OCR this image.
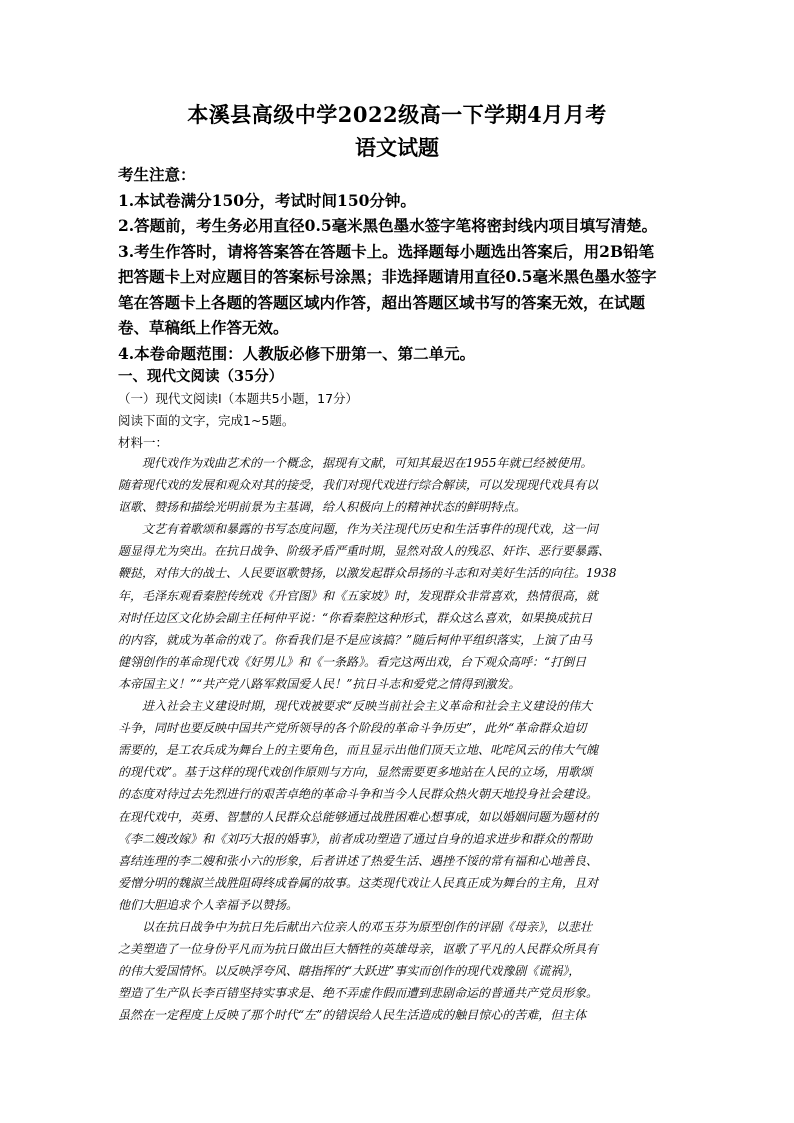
本溪县高级中学2022级高一下学期4月月考
语文试题

考生注意：

1.本试卷满分150分，考试时间150分钟。

2.答题前，考生务必用直径0.5毫米黑色墨水签字笔将密封线内项目填写清楚。

3.考生作答时，请将答案答在答题卡上。选择题每小题选出答案后，用2B铅笔

把答题卡上对应题目的答案标号涂黑；非选择题请用直径0.5毫米黑色墨水签字

笔在答题卡上各题的答题区域内作答，超出答题区域书写的答案无效，在试题

卷、草稿纸上作答无效。

4.本卷命题范围：人教版必修下册第一、第二单元。

一、现代文阅读（35分）
（一）现代文阅读Ⅰ（本题共5小题，17分）
阅读下面的文字，完成1~5题。
材料一：

　　现代戏作为戏曲艺术的一个概念，据现有文献，可知其最迟在1955年就已经被使用。

随着现代戏的发展和观众对其的接受，我们对现代戏进行综合解读，可以发现现代戏具有以

讴歌、赞扬和描绘光明前景为主基调，给人积极向上的精神状态的鲜明特点。

　　文艺有着歌颂和暴露的书写态度问题，作为关注现代历史和生活事件的现代戏，这一问

题显得尤为突出。在抗日战争、阶级矛盾严重时期，显然对敌人的残忍、奸诈、恶行要暴露、

鞭挞，对伟大的战士、人民要讴歌赞扬，以激发起群众昂扬的斗志和对美好生活的向往。1938

年，毛泽东观看秦腔传统戏《升官图》和《五家坡》时，发现群众非常喜欢，热情很高，就

对时任边区文化协会副主任柯仲平说：“你看秦腔这种形式，群众这么喜欢，如果换成抗日

的内容，就成为革命的戏了。你看我们是不是应该搞？”随后柯仲平组织落实，上演了由马

健翎创作的革命现代戏《好男儿》和《一条路》。看完这两出戏，台下观众高呼：“打倒日

本帝国主义！”“共产党八路军救国爱人民！”抗日斗志和爱党之情得到激发。

　　进入社会主义建设时期，现代戏被要求“反映当前社会主义革命和社会主义建设的伟大

斗争，同时也要反映中国共产党所领导的各个阶段的革命斗争历史”，此外“革命群众迫切

需要的，是工农兵成为舞台上的主要角色，而且显示出他们顶天立地、叱咤风云的伟大气魄

的现代戏”。基于这样的现代戏创作原则与方向，显然需要更多地站在人民的立场，用歌颂

的态度对待过去先烈进行的艰苦卓绝的革命斗争和当今人民群众热火朝天地投身社会建设。

在现代戏中，英勇、智慧的人民群众总能够通过战胜困难心想事成，如以婚姻问题为题材的

《李二嫂改嫁》和《刘巧大报的婚事》，前者成功塑造了通过自身的追求进步和群众的帮助

喜结连理的李二嫂和张小六的形象，后者讲述了热爱生活、遇挫不馁的常有福和心地善良、

爱憎分明的魏淑兰战胜阻碍终成眷属的故事。这类现代戏让人民真正成为舞台的主角，且对

他们大胆追求个人幸福予以赞扬。

　　以在抗日战争中为抗日先后献出六位亲人的邓玉芬为原型创作的评剧《母亲》，以悲壮

之美塑造了一位身份平凡而为抗日做出巨大牺牲的英雄母亲，讴歌了平凡的人民群众所具有

的伟大爱国情怀。以反映浮夸风、瞎指挥的“大跃进”事实而创作的现代戏豫剧《谎祸》，

塑造了生产队长李百错坚持实事求是、绝不弄虚作假而遭到悲剧命运的普通共产党员形象。

虽然在一定程度上反映了那个时代“左”的错误给人民生活造成的触目惊心的苦难，但主体
